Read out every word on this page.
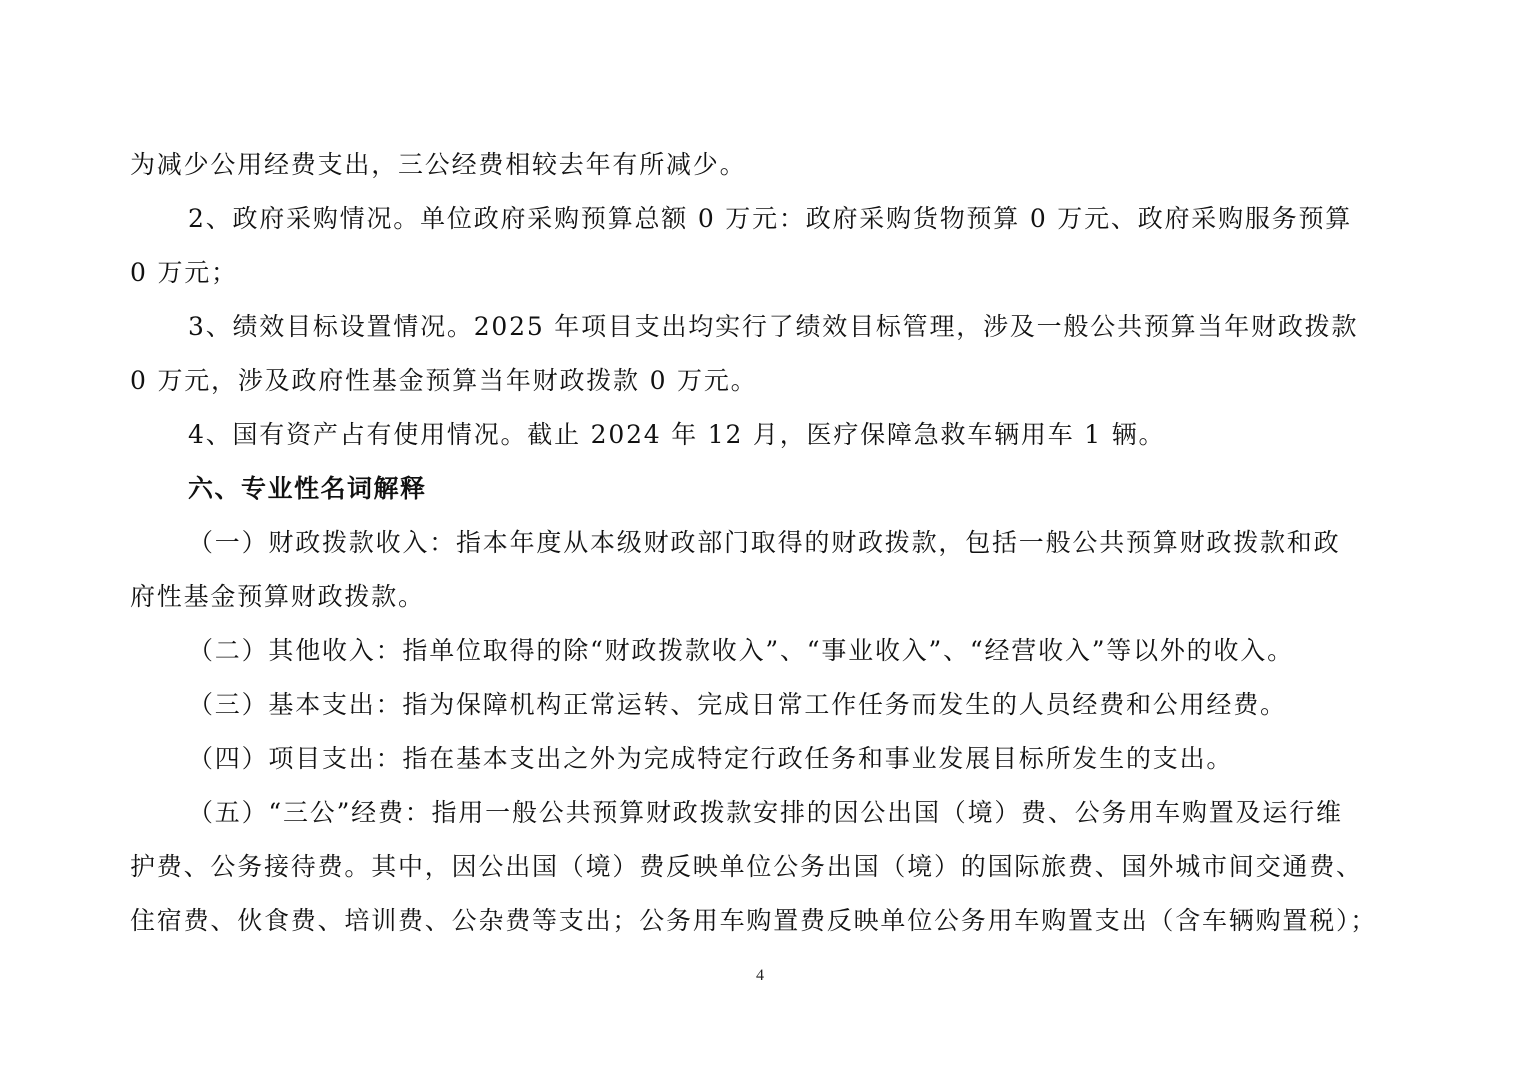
为减少公用经费支出，三公经费相较去年有所减少。
2、政府采购情况。单位政府采购预算总额 0 万元：政府采购货物预算 0 万元、政府采购服务预算
0 万元；
3、绩效目标设置情况。2025 年项目支出均实行了绩效目标管理，涉及一般公共预算当年财政拨款
0 万元，涉及政府性基金预算当年财政拨款 0 万元。
4、国有资产占有使用情况。截止 2024 年 12 月，医疗保障急救车辆用车 1 辆。
六、专业性名词解释
（一）财政拨款收入：指本年度从本级财政部门取得的财政拨款，包括一般公共预算财政拨款和政
府性基金预算财政拨款。
（二）其他收入：指单位取得的除“财政拨款收入”、“事业收入”、“经营收入”等以外的收入。
（三）基本支出：指为保障机构正常运转、完成日常工作任务而发生的人员经费和公用经费。
（四）项目支出：指在基本支出之外为完成特定行政任务和事业发展目标所发生的支出。
（五）“三公”经费：指用一般公共预算财政拨款安排的因公出国（境）费、公务用车购置及运行维
护费、公务接待费。其中，因公出国（境）费反映单位公务出国（境）的国际旅费、国外城市间交通费、
住宿费、伙食费、培训费、公杂费等支出；公务用车购置费反映单位公务用车购置支出（含车辆购置税）；
4
